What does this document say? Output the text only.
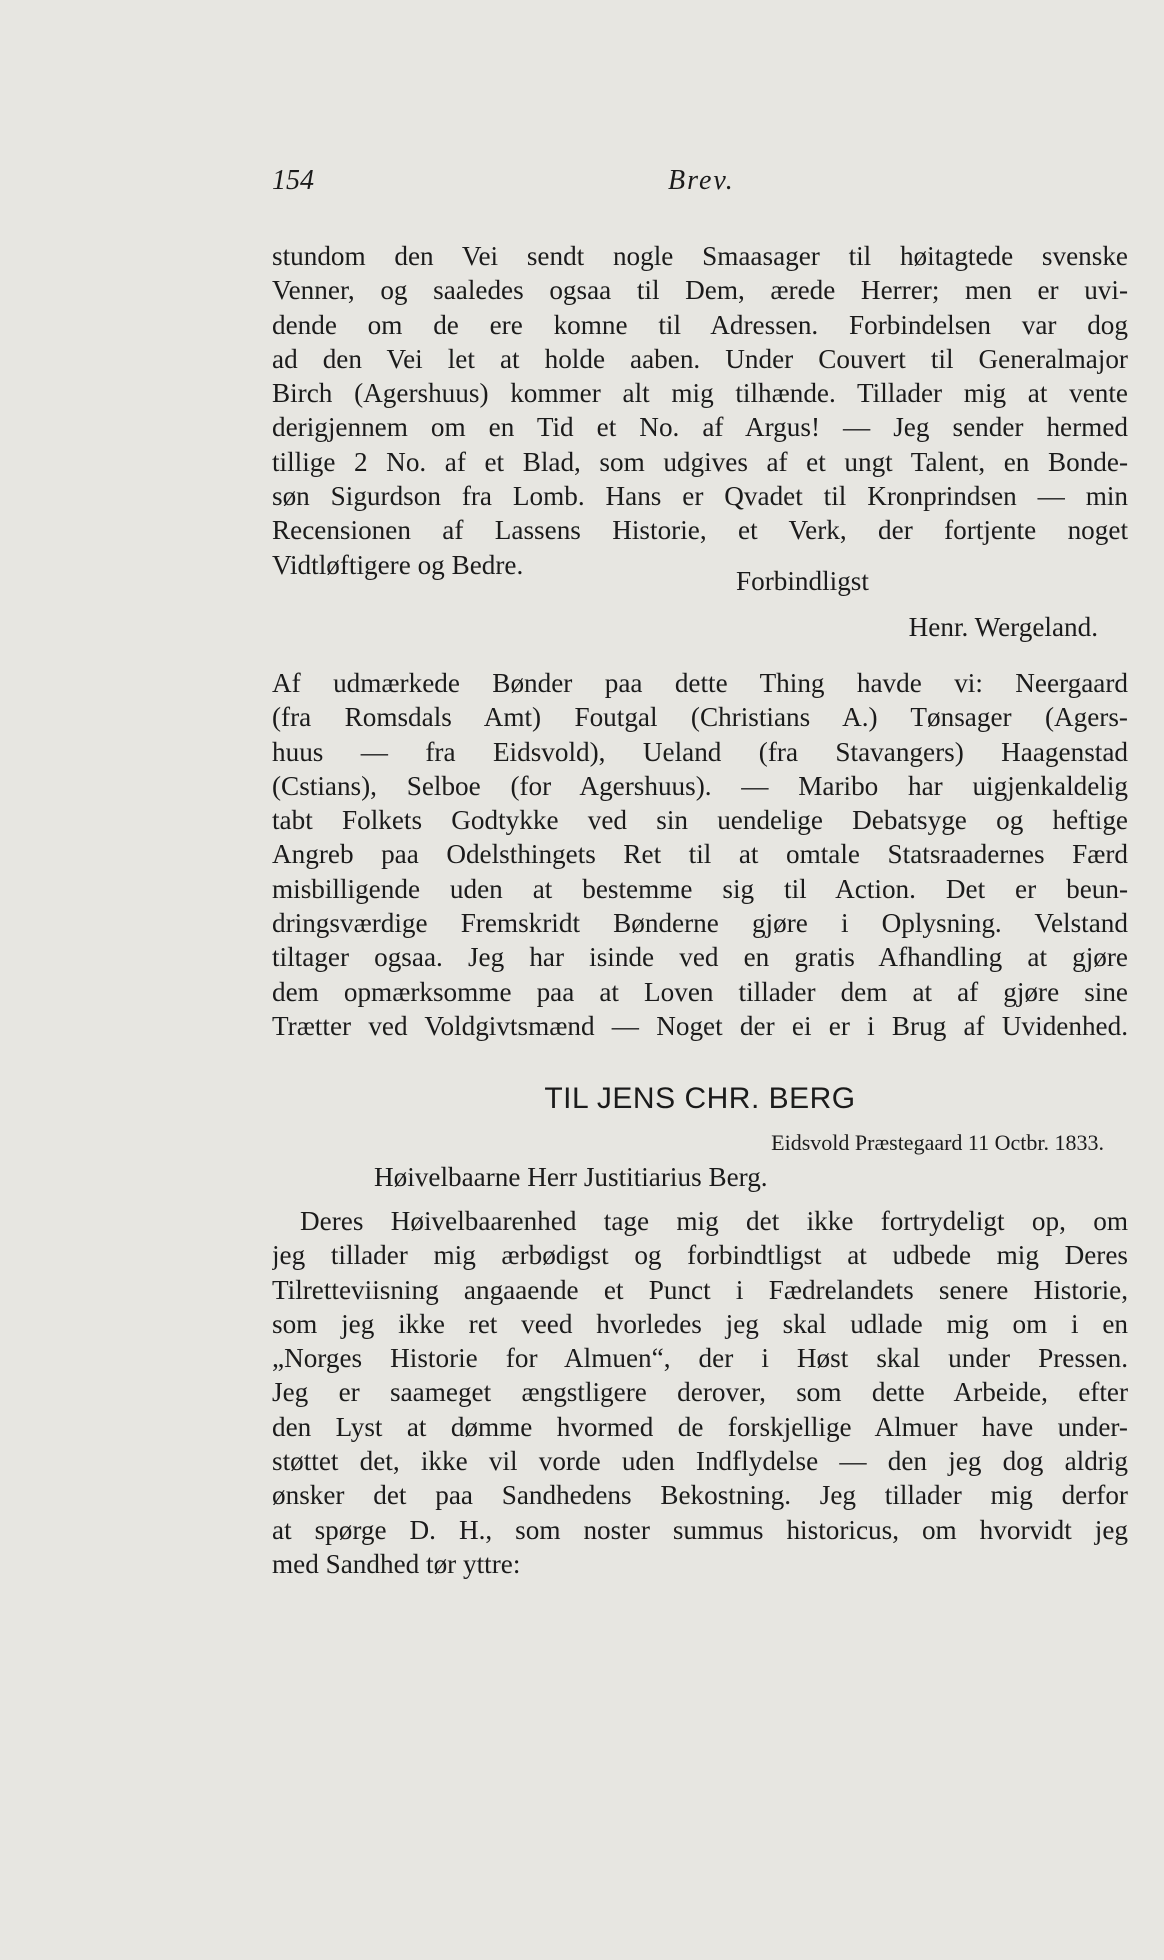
154	Brev.
stundom den Vei sendt nogle Smaasager til høitagtede svenske
Venner, og saaledes ogsaa til Dem, ærede Herrer; men er uvi-
dende om de ere komne til Adressen. Forbindelsen var dog
ad den Vei let at holde aaben. Under Couvert til Generalmajor
Birch (Agershuus) kommer alt mig tilhænde. Tillader mig at vente
derigjennem om en Tid et No. af Argus! — Jeg sender hermed
tillige 2 No. af et Blad, som udgives af et ungt Talent, en Bonde-
søn Sigurdson fra Lomb. Hans er Qvadet til Kronprindsen — min
Recensionen af Lassens Historie, et Verk, der fortjente noget
Vidtløftigere og Bedre.
Forbindligst
Henr. Wergeland.
Af udmærkede Bønder paa dette Thing havde vi: Neergaard
(fra Romsdals Amt) Foutgal (Christians A.) Tønsager (Agers-
huus — fra Eidsvold), Ueland (fra Stavangers) Haagenstad
(Cstians), Selboe (for Agershuus). — Maribo har uigjenkaldelig
tabt Folkets Godtykke ved sin uendelige Debatsyge og heftige
Angreb paa Odelsthingets Ret til at omtale Statsraadernes Færd
misbilligende uden at bestemme sig til Action. Det er beun-
dringsværdige Fremskridt Bønderne gjøre i Oplysning. Velstand
tiltager ogsaa. Jeg har isinde ved en gratis Afhandling at gjøre
dem opmærksomme paa at Loven tillader dem at af gjøre sine
Trætter ved Voldgivtsmænd — Noget der ei er i Brug af Uvidenhed.
TIL JENS CHR. BERG
Eidsvold Præstegaard 11 Octbr. 1833.
Høivelbaarne Herr Justitiarius Berg.
Deres Høivelbaarenhed tage mig det ikke fortrydeligt op, om
jeg tillader mig ærbødigst og forbindtligst at udbede mig Deres
Tilretteviisning angaaende et Punct i Fædrelandets senere Historie,
som jeg ikke ret veed hvorledes jeg skal udlade mig om i en
„Norges Historie for Almuen“, der i Høst skal under Pressen.
Jeg er saameget ængstligere derover, som dette Arbeide, efter
den Lyst at dømme hvormed de forskjellige Almuer have under-
støttet det, ikke vil vorde uden Indflydelse — den jeg dog aldrig
ønsker det paa Sandhedens Bekostning. Jeg tillader mig derfor
at spørge D. H., som noster summus historicus, om hvorvidt jeg
med Sandhed tør yttre:
